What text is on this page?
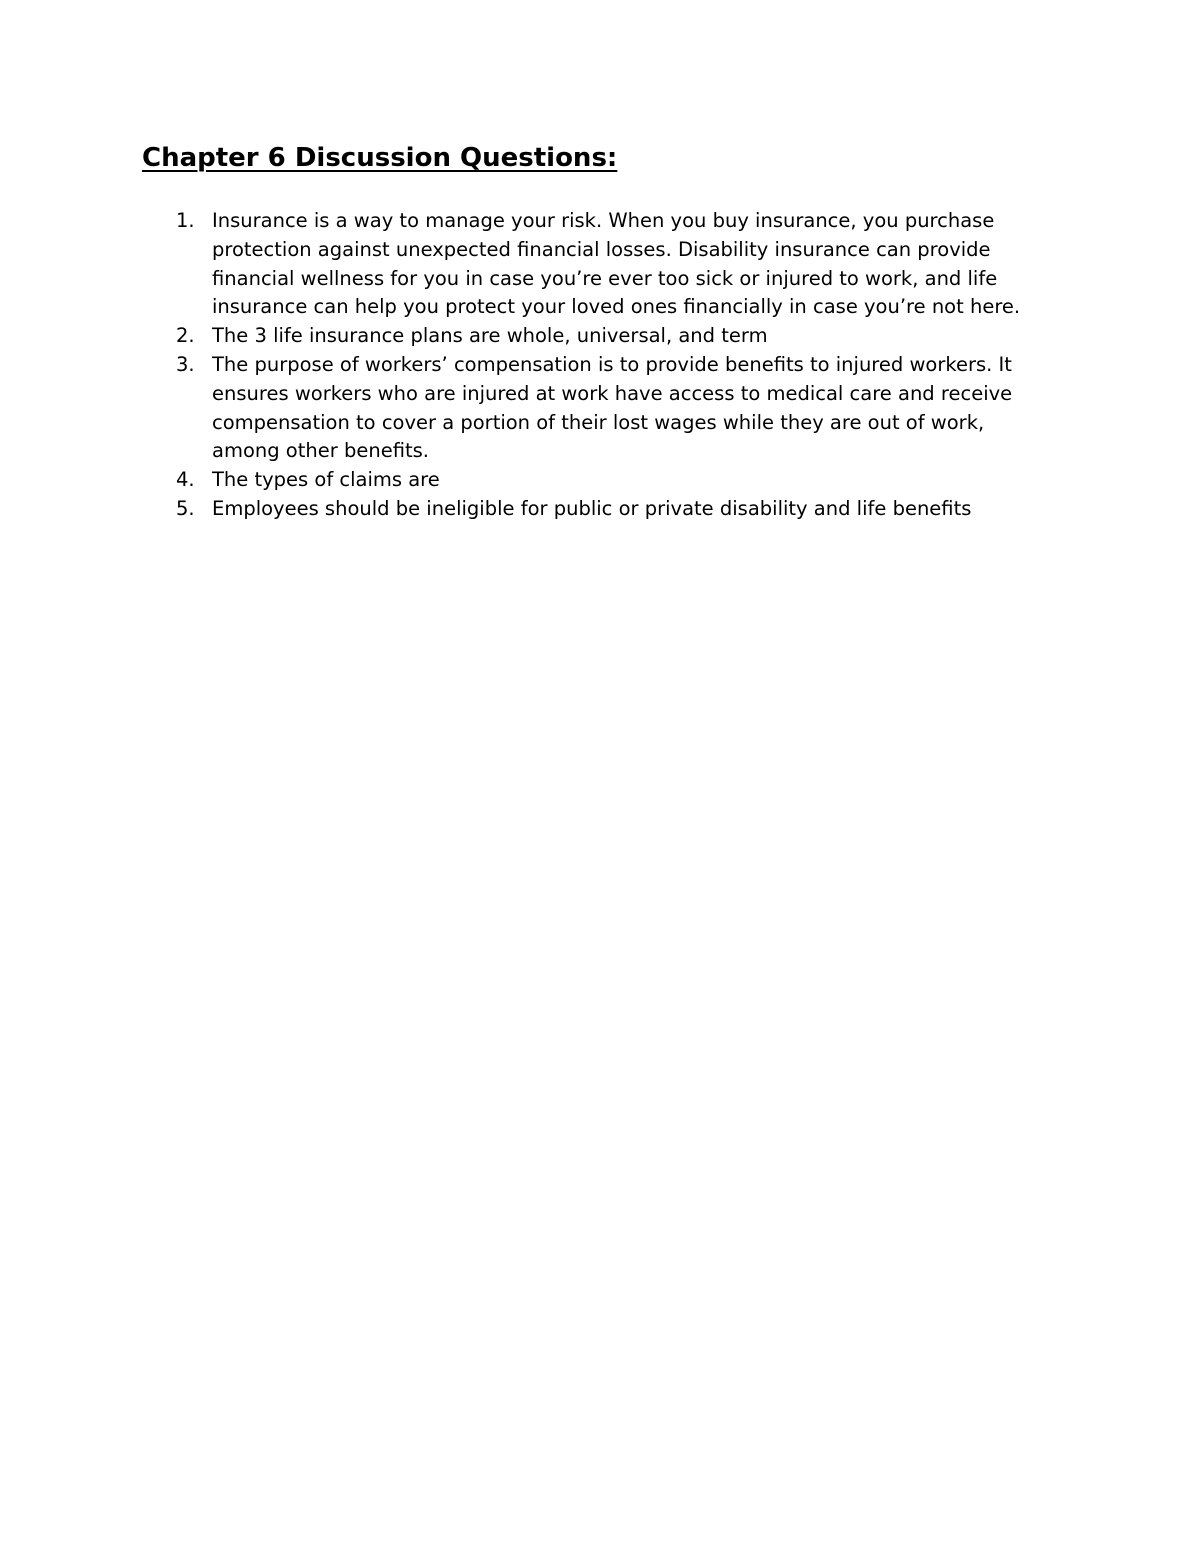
Chapter 6 Discussion Questions:
1. Insurance is a way to manage your risk. When you buy insurance, you purchase protection against unexpected financial losses. Disability insurance can provide financial wellness for you in case you’re ever too sick or injured to work, and life insurance can help you protect your loved ones financially in case you’re not here.
2. The 3 life insurance plans are whole, universal, and term
3. The purpose of workers’ compensation is to provide benefits to injured workers. It ensures workers who are injured at work have access to medical care and receive compensation to cover a portion of their lost wages while they are out of work, among other benefits.
4. The types of claims are
5. Employees should be ineligible for public or private disability and life benefits
